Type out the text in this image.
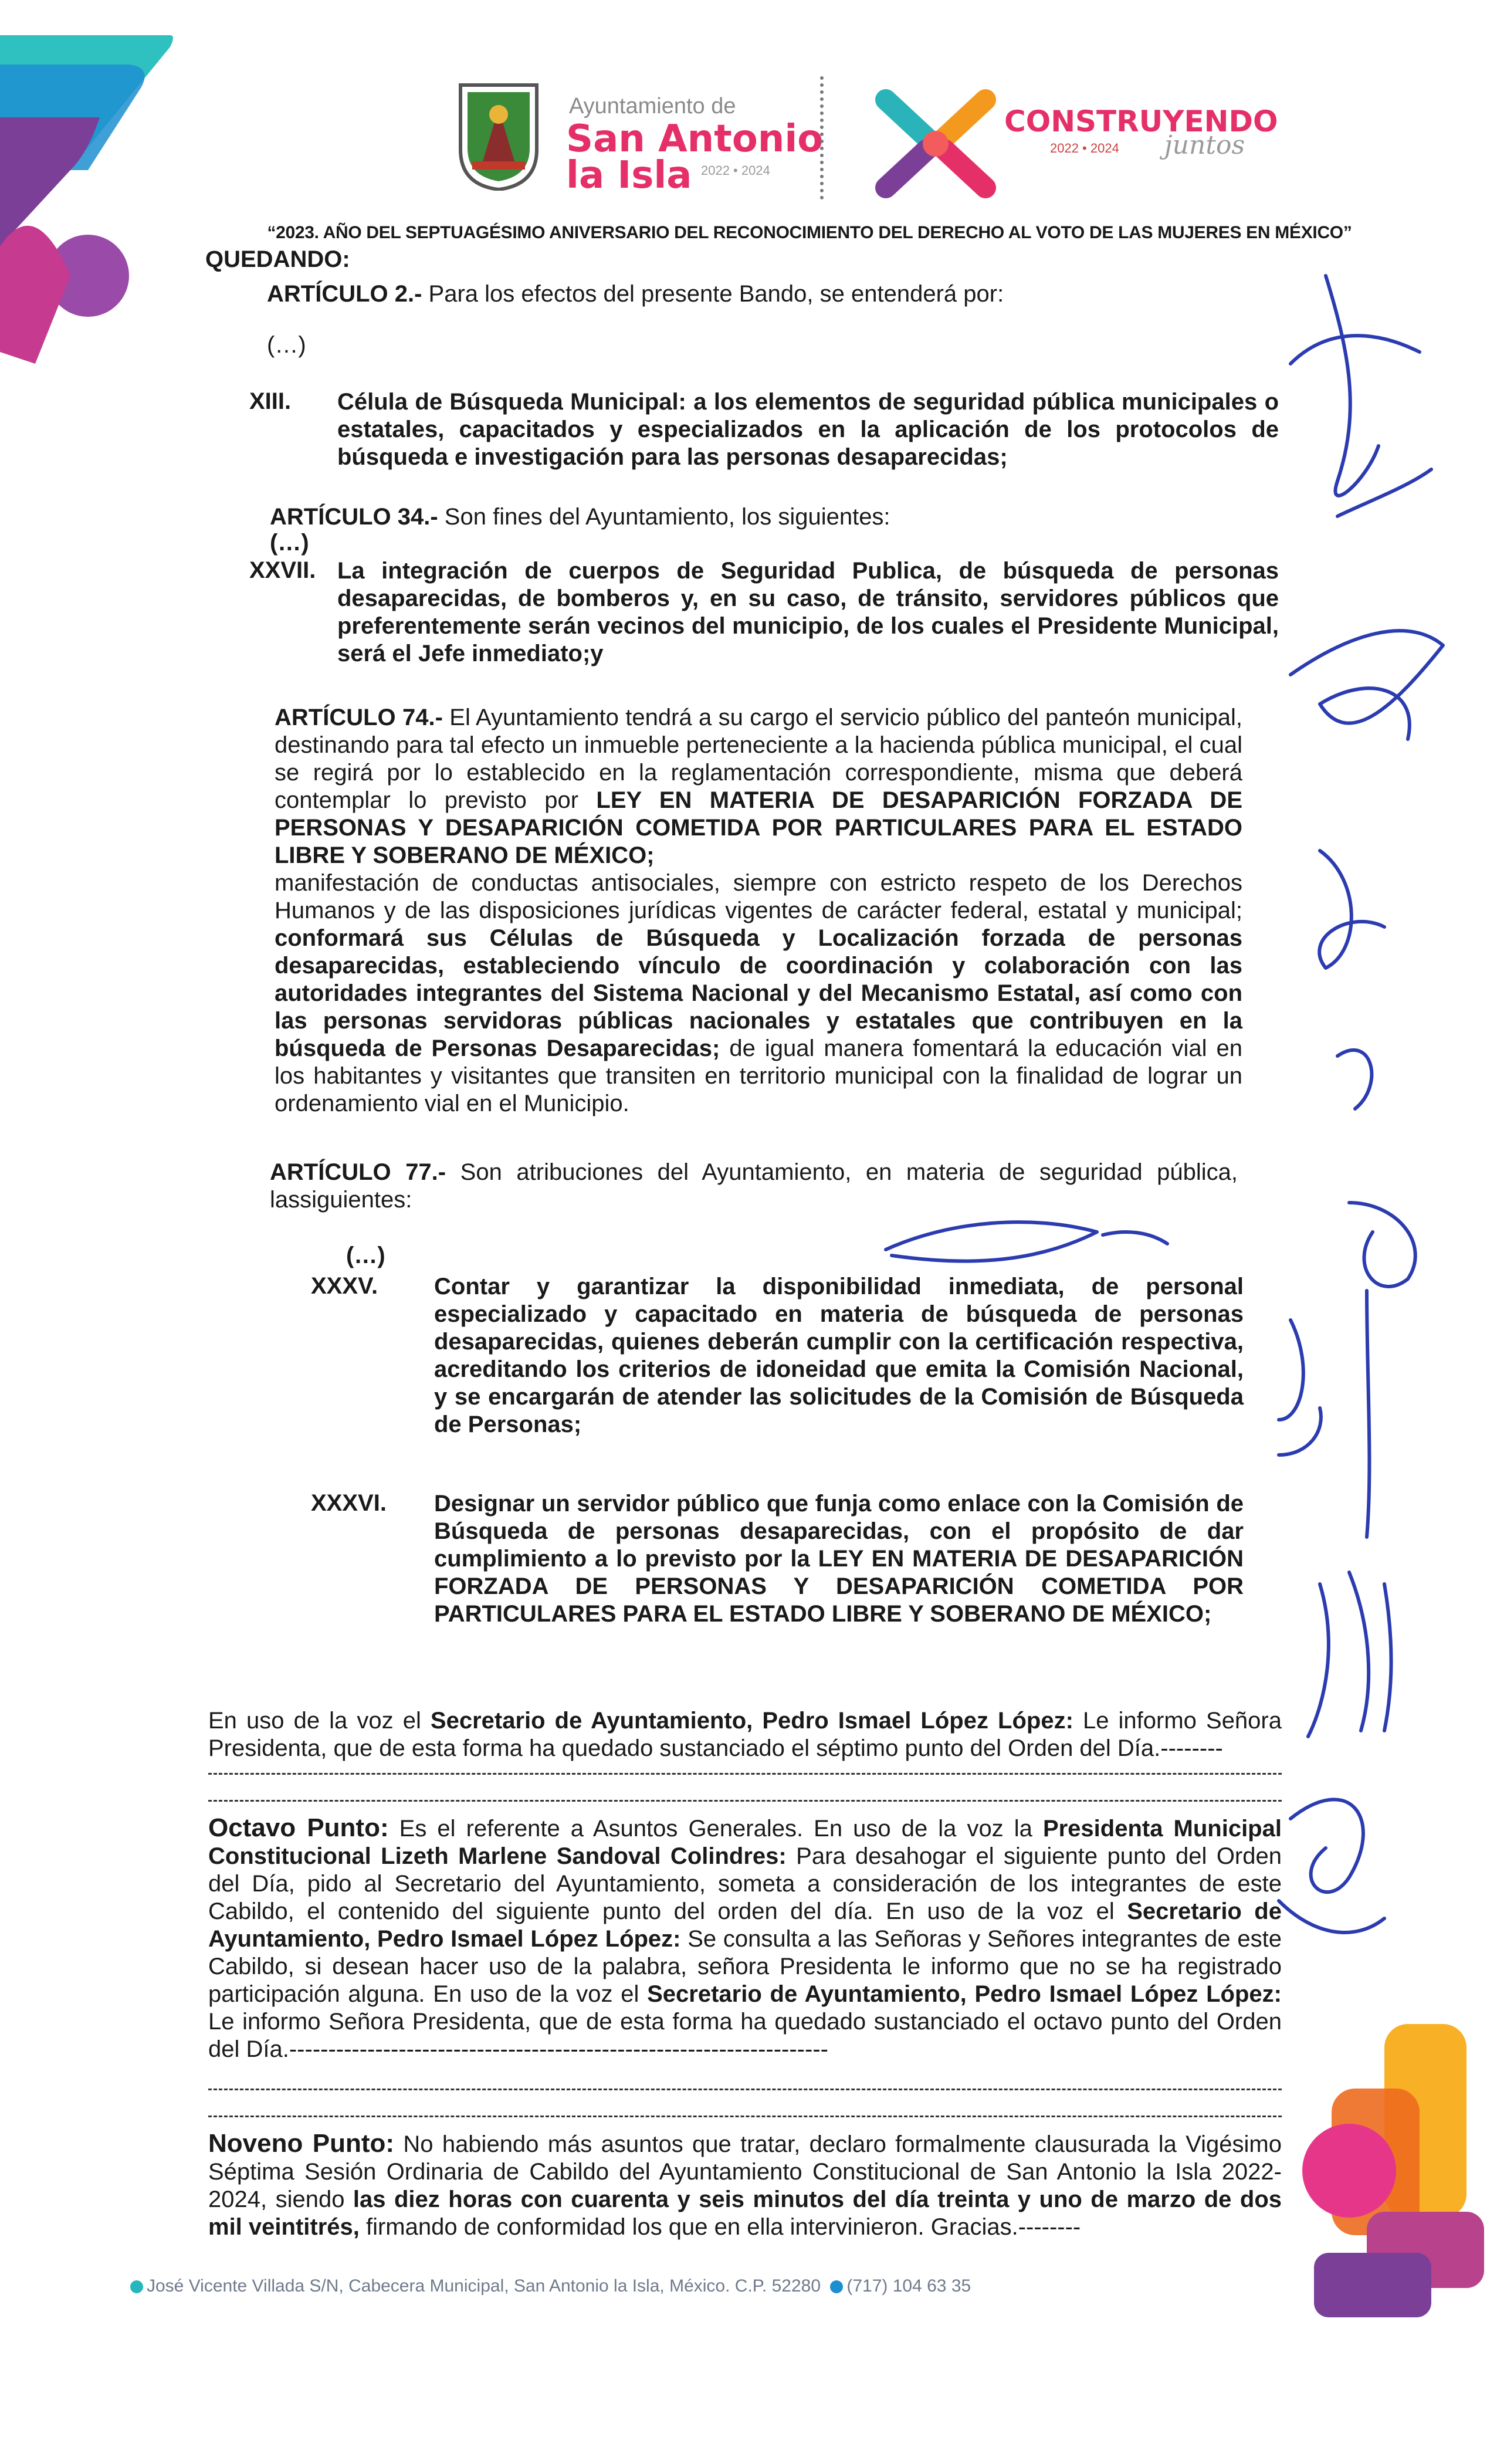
Ayuntamiento de
San Antonio
la Isla 2022 • 2024
CONSTRUYENDO
2022 • 2024 juntos
“2023. AÑO DEL SEPTUAGÉSIMO ANIVERSARIO DEL RECONOCIMIENTO DEL DERECHO AL VOTO DE LAS MUJERES EN MÉXICO”
QUEDANDO:
ARTÍCULO 2.- Para los efectos del presente Bando, se entenderá por:
(…)
XIII. Célula de Búsqueda Municipal: a los elementos de seguridad pública municipales o estatales, capacitados y especializados en la aplicación de los protocolos de búsqueda e investigación para las personas desaparecidas;
ARTÍCULO 34.- Son fines del Ayuntamiento, los siguientes:
(…)
XXVII. La integración de cuerpos de Seguridad Publica, de búsqueda de personas desaparecidas, de bomberos y, en su caso, de tránsito, servidores públicos que preferentemente serán vecinos del municipio, de los cuales el Presidente Municipal, será el Jefe inmediato;y
ARTÍCULO 74.- El Ayuntamiento tendrá a su cargo el servicio público del panteón municipal, destinando para tal efecto un inmueble perteneciente a la hacienda pública municipal, el cual se regirá por lo establecido en la reglamentación correspondiente, misma que deberá contemplar lo previsto por LEY EN MATERIA DE DESAPARICIÓN FORZADA DE PERSONAS Y DESAPARICIÓN COMETIDA POR PARTICULARES PARA EL ESTADO LIBRE Y SOBERANO DE MÉXICO;
manifestación de conductas antisociales, siempre con estricto respeto de los Derechos Humanos y de las disposiciones jurídicas vigentes de carácter federal, estatal y municipal; conformará sus Células de Búsqueda y Localización forzada de personas desaparecidas, estableciendo vínculo de coordinación y colaboración con las autoridades integrantes del Sistema Nacional y del Mecanismo Estatal, así como con las personas servidoras públicas nacionales y estatales que contribuyen en la búsqueda de Personas Desaparecidas; de igual manera fomentará la educación vial en los habitantes y visitantes que transiten en territorio municipal con la finalidad de lograr un ordenamiento vial en el Municipio.
ARTÍCULO 77.- Son atribuciones del Ayuntamiento, en materia de seguridad pública, lassiguientes:
(…)
XXXV. Contar y garantizar la disponibilidad inmediata, de personal especializado y capacitado en materia de búsqueda de personas desaparecidas, quienes deberán cumplir con la certificación respectiva, acreditando los criterios de idoneidad que emita la Comisión Nacional, y se encargarán de atender las solicitudes de la Comisión de Búsqueda de Personas;
XXXVI. Designar un servidor público que funja como enlace con la Comisión de Búsqueda de personas desaparecidas, con el propósito de dar cumplimiento a lo previsto por la LEY EN MATERIA DE DESAPARICIÓN FORZADA DE PERSONAS Y DESAPARICIÓN COMETIDA POR PARTICULARES PARA EL ESTADO LIBRE Y SOBERANO DE MÉXICO;
En uso de la voz el Secretario de Ayuntamiento, Pedro Ismael López López: Le informo Señora Presidenta, que de esta forma ha quedado sustanciado el séptimo punto del Orden del Día.--------
Octavo Punto: Es el referente a Asuntos Generales. En uso de la voz la Presidenta Municipal Constitucional Lizeth Marlene Sandoval Colindres: Para desahogar el siguiente punto del Orden del Día, pido al Secretario del Ayuntamiento, someta a consideración de los integrantes de este Cabildo, el contenido del siguiente punto del orden del día. En uso de la voz el Secretario de Ayuntamiento, Pedro Ismael López López: Se consulta a las Señoras y Señores integrantes de este Cabildo, si desean hacer uso de la palabra, señora Presidenta le informo que no se ha registrado participación alguna. En uso de la voz el Secretario de Ayuntamiento, Pedro Ismael López López: Le informo Señora Presidenta, que de esta forma ha quedado sustanciado el octavo punto del Orden del Día.---------------------------------------------------------------------
Noveno Punto: No habiendo más asuntos que tratar, declaro formalmente clausurada la Vigésimo Séptima Sesión Ordinaria de Cabildo del Ayuntamiento Constitucional de San Antonio la Isla 2022-2024, siendo las diez horas con cuarenta y seis minutos del día treinta y uno de marzo de dos mil veintitrés, firmando de conformidad los que en ella intervinieron. Gracias.--------
José Vicente Villada S/N, Cabecera Municipal, San Antonio la Isla, México. C.P. 52280 (717) 104 63 35
